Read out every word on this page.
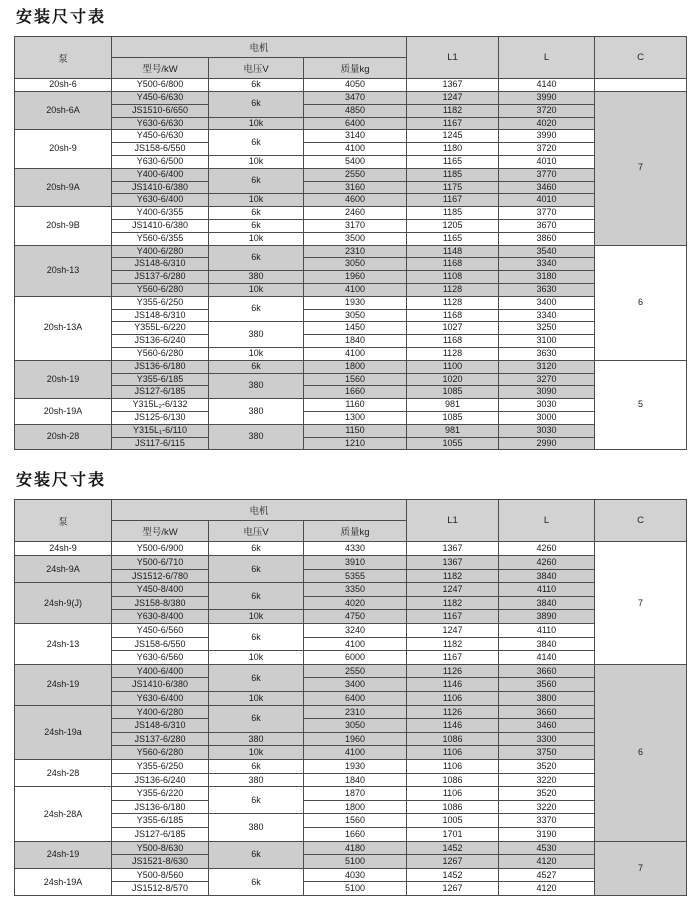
安装尺寸表
泵	电机			L1	L	C
	型号/kW	电压V	质量kg			
20sh-6	Y500-6/800	6k	4050	1367	4140	
20sh-6A	Y450-6/630	6k	3470	1247	3990	7
	JS1510-6/650		4850	1182	3720	
	Y630-6/630	10k	6400	1167	4020	
20sh-9	Y450-6/630	6k	3140	1245	3990	
	JS158-6/550		4100	1180	3720	
	Y630-6/500	10k	5400	1165	4010	
20sh-9A	Y400-6/400	6k	2550	1185	3770	
	JS1410-6/380		3160	1175	3460	
	Y630-6/400	10k	4600	1167	4010	
20sh-9B	Y400-6/355	6k	2460	1185	3770	
	JS1410-6/380	6k	3170	1205	3670	
	Y560-6/355	10k	3500	1165	3860	
20sh-13	Y400-6/280	6k	2310	1148	3540	6
	JS148-6/310		3050	1168	3340	
	JS137-6/280	380	1960	1108	3180	
	Y560-6/280	10k	4100	1128	3630	
20sh-13A	Y355-6/250	6k	1930	1128	3400	
	JS148-6/310		3050	1168	3340	
	Y355L-6/220	380	1450	1027	3250	
	JS136-6/240		1840	1168	3100	
	Y560-6/280	10k	4100	1128	3630	
20sh-19	JS136-6/180	6k	1800	1100	3120	5
	Y355-6/185	380	1560	1020	3270	
	JS127-6/185		1660	1085	3090	
20sh-19A	Y315L₂-6/132	380	1160	981	3030	
	JS125-6/130		1300	1085	3000	
20sh-28	Y315L₁-6/110	380	1150	981	3030	
	JS117-6/115		1210	1055	2990	
安装尺寸表
泵	电机			L1	L	C
	型号/kW	电压V	质量kg			
24sh-9	Y500-6/900	6k	4330	1367	4260	7
24sh-9A	Y500-6/710	6k	3910	1367	4260	
	JS1512-6/780		5355	1182	3840	
24sh-9(J)	Y450-8/400	6k	3350	1247	4110	
	JS158-8/380		4020	1182	3840	
	Y630-8/400	10k	4750	1167	3890	
24sh-13	Y450-6/560	6k	3240	1247	4110	
	JS158-6/550		4100	1182	3840	
	Y630-6/560	10k	6000	1167	4140	
24sh-19	Y400-6/400	6k	2550	1126	3660	6
	JS1410-6/380		3400	1146	3560	
	Y630-6/400	10k	6400	1106	3800	
24sh-19a	Y400-6/280	6k	2310	1126	3660	
	JS148-6/310		3050	1146	3460	
	JS137-6/280	380	1960	1086	3300	
	Y560-6/280	10k	4100	1106	3750	
24sh-28	Y355-6/250	6k	1930	1106	3520	
	JS136-6/240	380	1840	1086	3220	
24sh-28A	Y355-6/220	6k	1870	1106	3520	
	JS136-6/180		1800	1086	3220	
	Y355-6/185	380	1560	1005	3370	
	JS127-6/185		1660	1701	3190	
24sh-19	Y500-8/630	6k	4180	1452	4530	7
	JS1521-8/630		5100	1267	4120	
24sh-19A	Y500-8/560	6k	4030	1452	4527	
	JS1512-8/570		5100	1267	4120	
